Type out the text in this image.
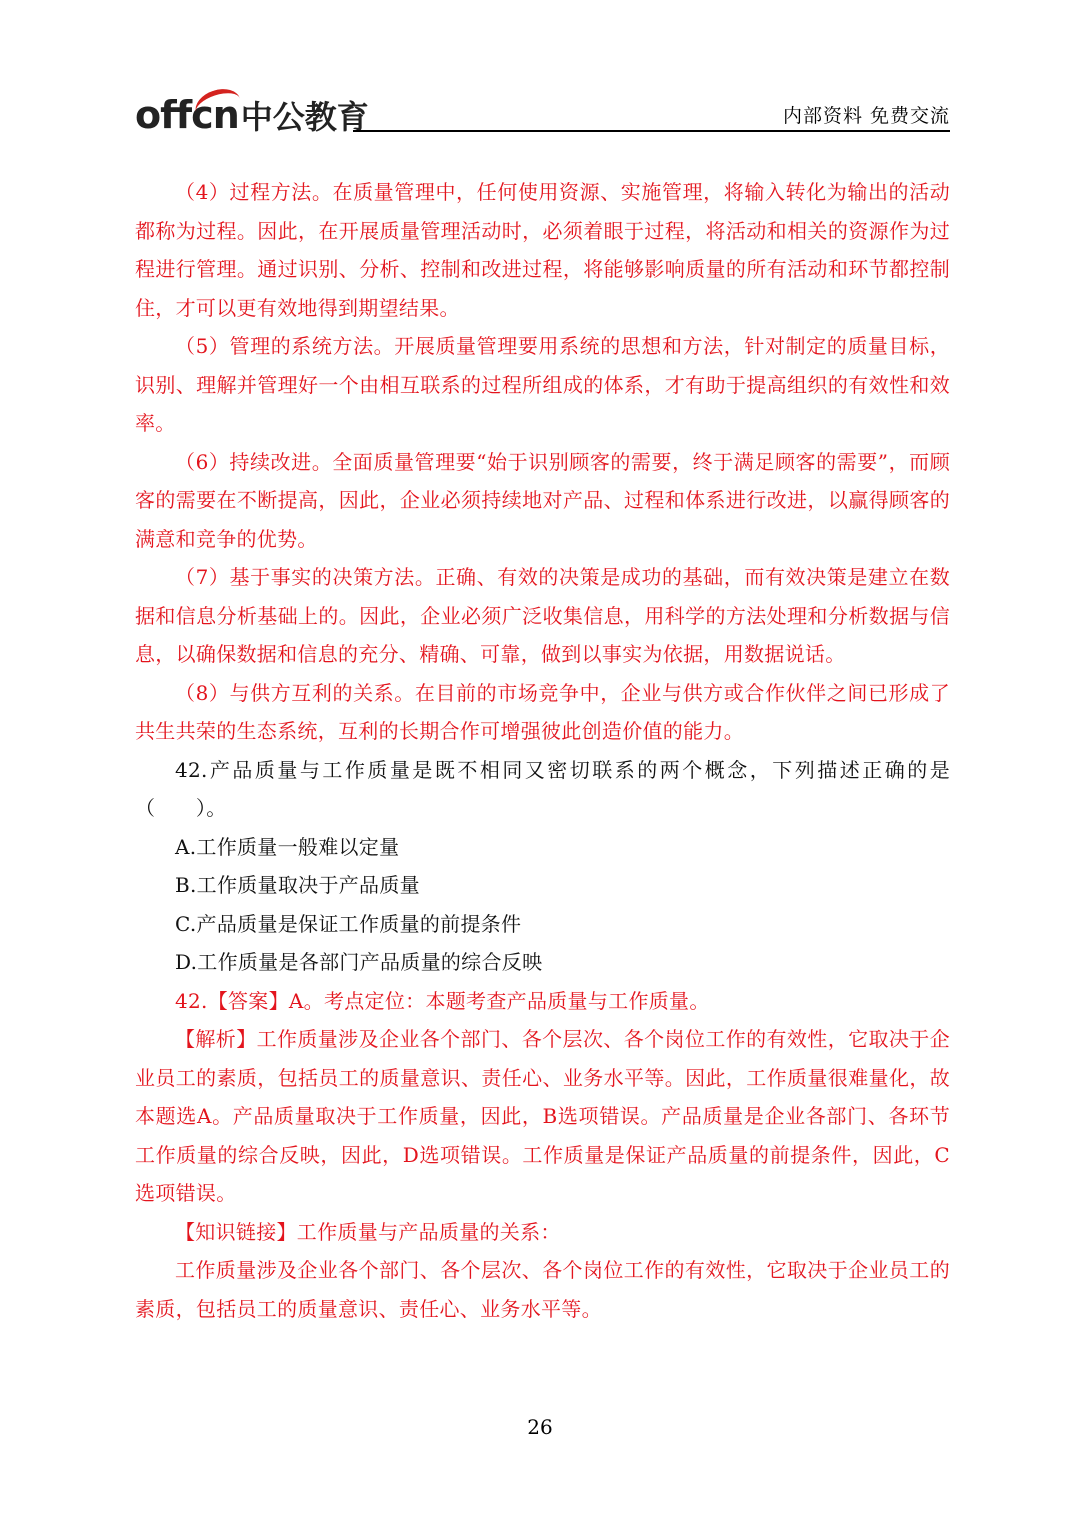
offcn 中公教育	内部资料 免费交流

（4）过程方法。在质量管理中，任何使用资源、实施管理，将输入转化为输出的活动都称为过程。因此，在开展质量管理活动时，必须着眼于过程，将活动和相关的资源作为过程进行管理。通过识别、分析、控制和改进过程，将能够影响质量的所有活动和环节都控制住，才可以更有效地得到期望结果。

（5）管理的系统方法。开展质量管理要用系统的思想和方法，针对制定的质量目标，识别、理解并管理好一个由相互联系的过程所组成的体系，才有助于提高组织的有效性和效率。

（6）持续改进。全面质量管理要“始于识别顾客的需要，终于满足顾客的需要”，而顾客的需要在不断提高，因此，企业必须持续地对产品、过程和体系进行改进，以赢得顾客的满意和竞争的优势。

（7）基于事实的决策方法。正确、有效的决策是成功的基础，而有效决策是建立在数据和信息分析基础上的。因此，企业必须广泛收集信息，用科学的方法处理和分析数据与信息，以确保数据和信息的充分、精确、可靠，做到以事实为依据，用数据说话。

（8）与供方互利的关系。在目前的市场竞争中，企业与供方或合作伙伴之间已形成了共生共荣的生态系统，互利的长期合作可增强彼此创造价值的能力。

42.产品质量与工作质量是既不相同又密切联系的两个概念，下列描述正确的是（　　）。

A.工作质量一般难以定量

B.工作质量取决于产品质量

C.产品质量是保证工作质量的前提条件

D.工作质量是各部门产品质量的综合反映

42.【答案】A。考点定位：本题考查产品质量与工作质量。

【解析】工作质量涉及企业各个部门、各个层次、各个岗位工作的有效性，它取决于企业员工的素质，包括员工的质量意识、责任心、业务水平等。因此，工作质量很难量化，故本题选A。产品质量取决于工作质量，因此，B选项错误。产品质量是企业各部门、各环节工作质量的综合反映，因此，D选项错误。工作质量是保证产品质量的前提条件，因此，C选项错误。

【知识链接】工作质量与产品质量的关系：

工作质量涉及企业各个部门、各个层次、各个岗位工作的有效性，它取决于企业员工的素质，包括员工的质量意识、责任心、业务水平等。

26
